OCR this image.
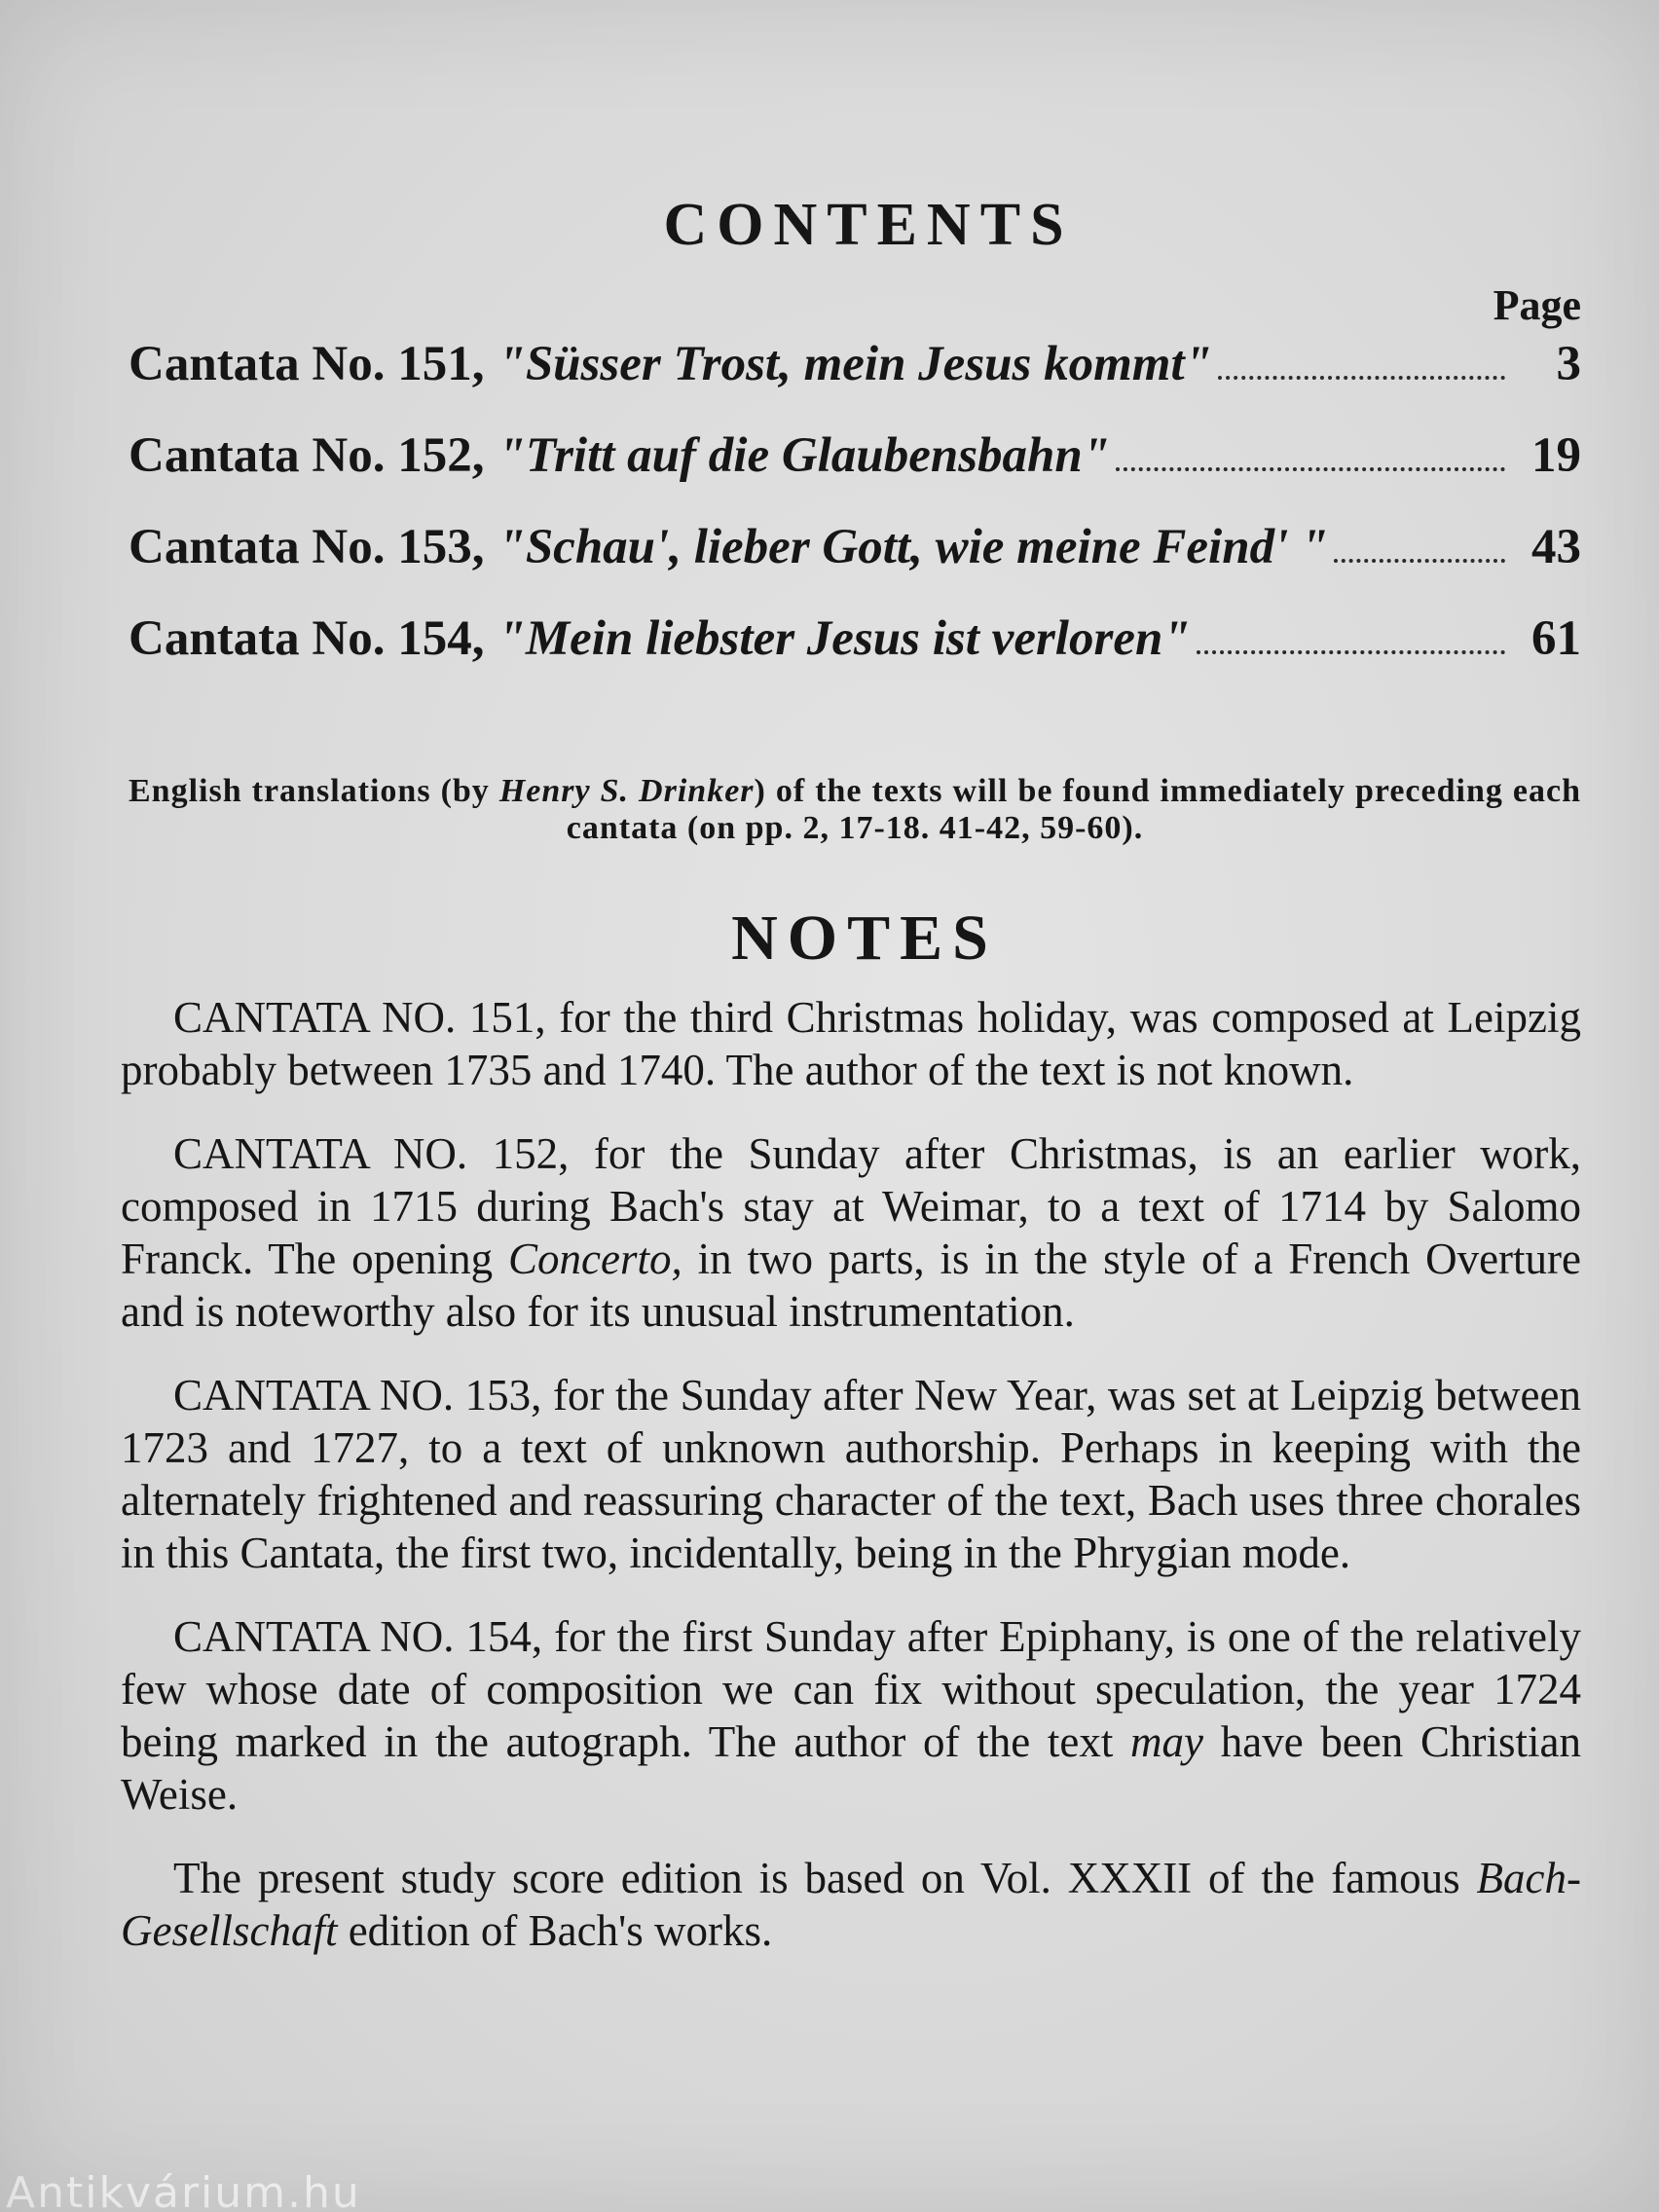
CONTENTS
Page
Cantata No. 151, "Süsser Trost, mein Jesus kommt"	3
Cantata No. 152, "Tritt auf die Glaubensbahn"	19
Cantata No. 153, "Schau', lieber Gott, wie meine Feind' "	43
Cantata No. 154, "Mein liebster Jesus ist verloren"	61

English translations (by Henry S. Drinker) of the texts will be found immediately preceding each cantata (on pp. 2, 17-18. 41-42, 59-60).

NOTES

CANTATA NO. 151, for the third Christmas holiday, was composed at Leipzig probably between 1735 and 1740. The author of the text is not known.

CANTATA NO. 152, for the Sunday after Christmas, is an earlier work, composed in 1715 during Bach's stay at Weimar, to a text of 1714 by Salomo Franck. The opening Concerto, in two parts, is in the style of a French Overture and is noteworthy also for its unusual instrumentation.

CANTATA NO. 153, for the Sunday after New Year, was set at Leipzig between 1723 and 1727, to a text of unknown authorship. Perhaps in keeping with the alternately frightened and reassuring character of the text, Bach uses three chorales in this Cantata, the first two, incidentally, being in the Phrygian mode.

CANTATA NO. 154, for the first Sunday after Epiphany, is one of the relatively few whose date of composition we can fix without speculation, the year 1724 being marked in the autograph. The author of the text may have been Christian Weise.

The present study score edition is based on Vol. XXXII of the famous Bach-Gesellschaft edition of Bach's works.

Antikvárium.hu
